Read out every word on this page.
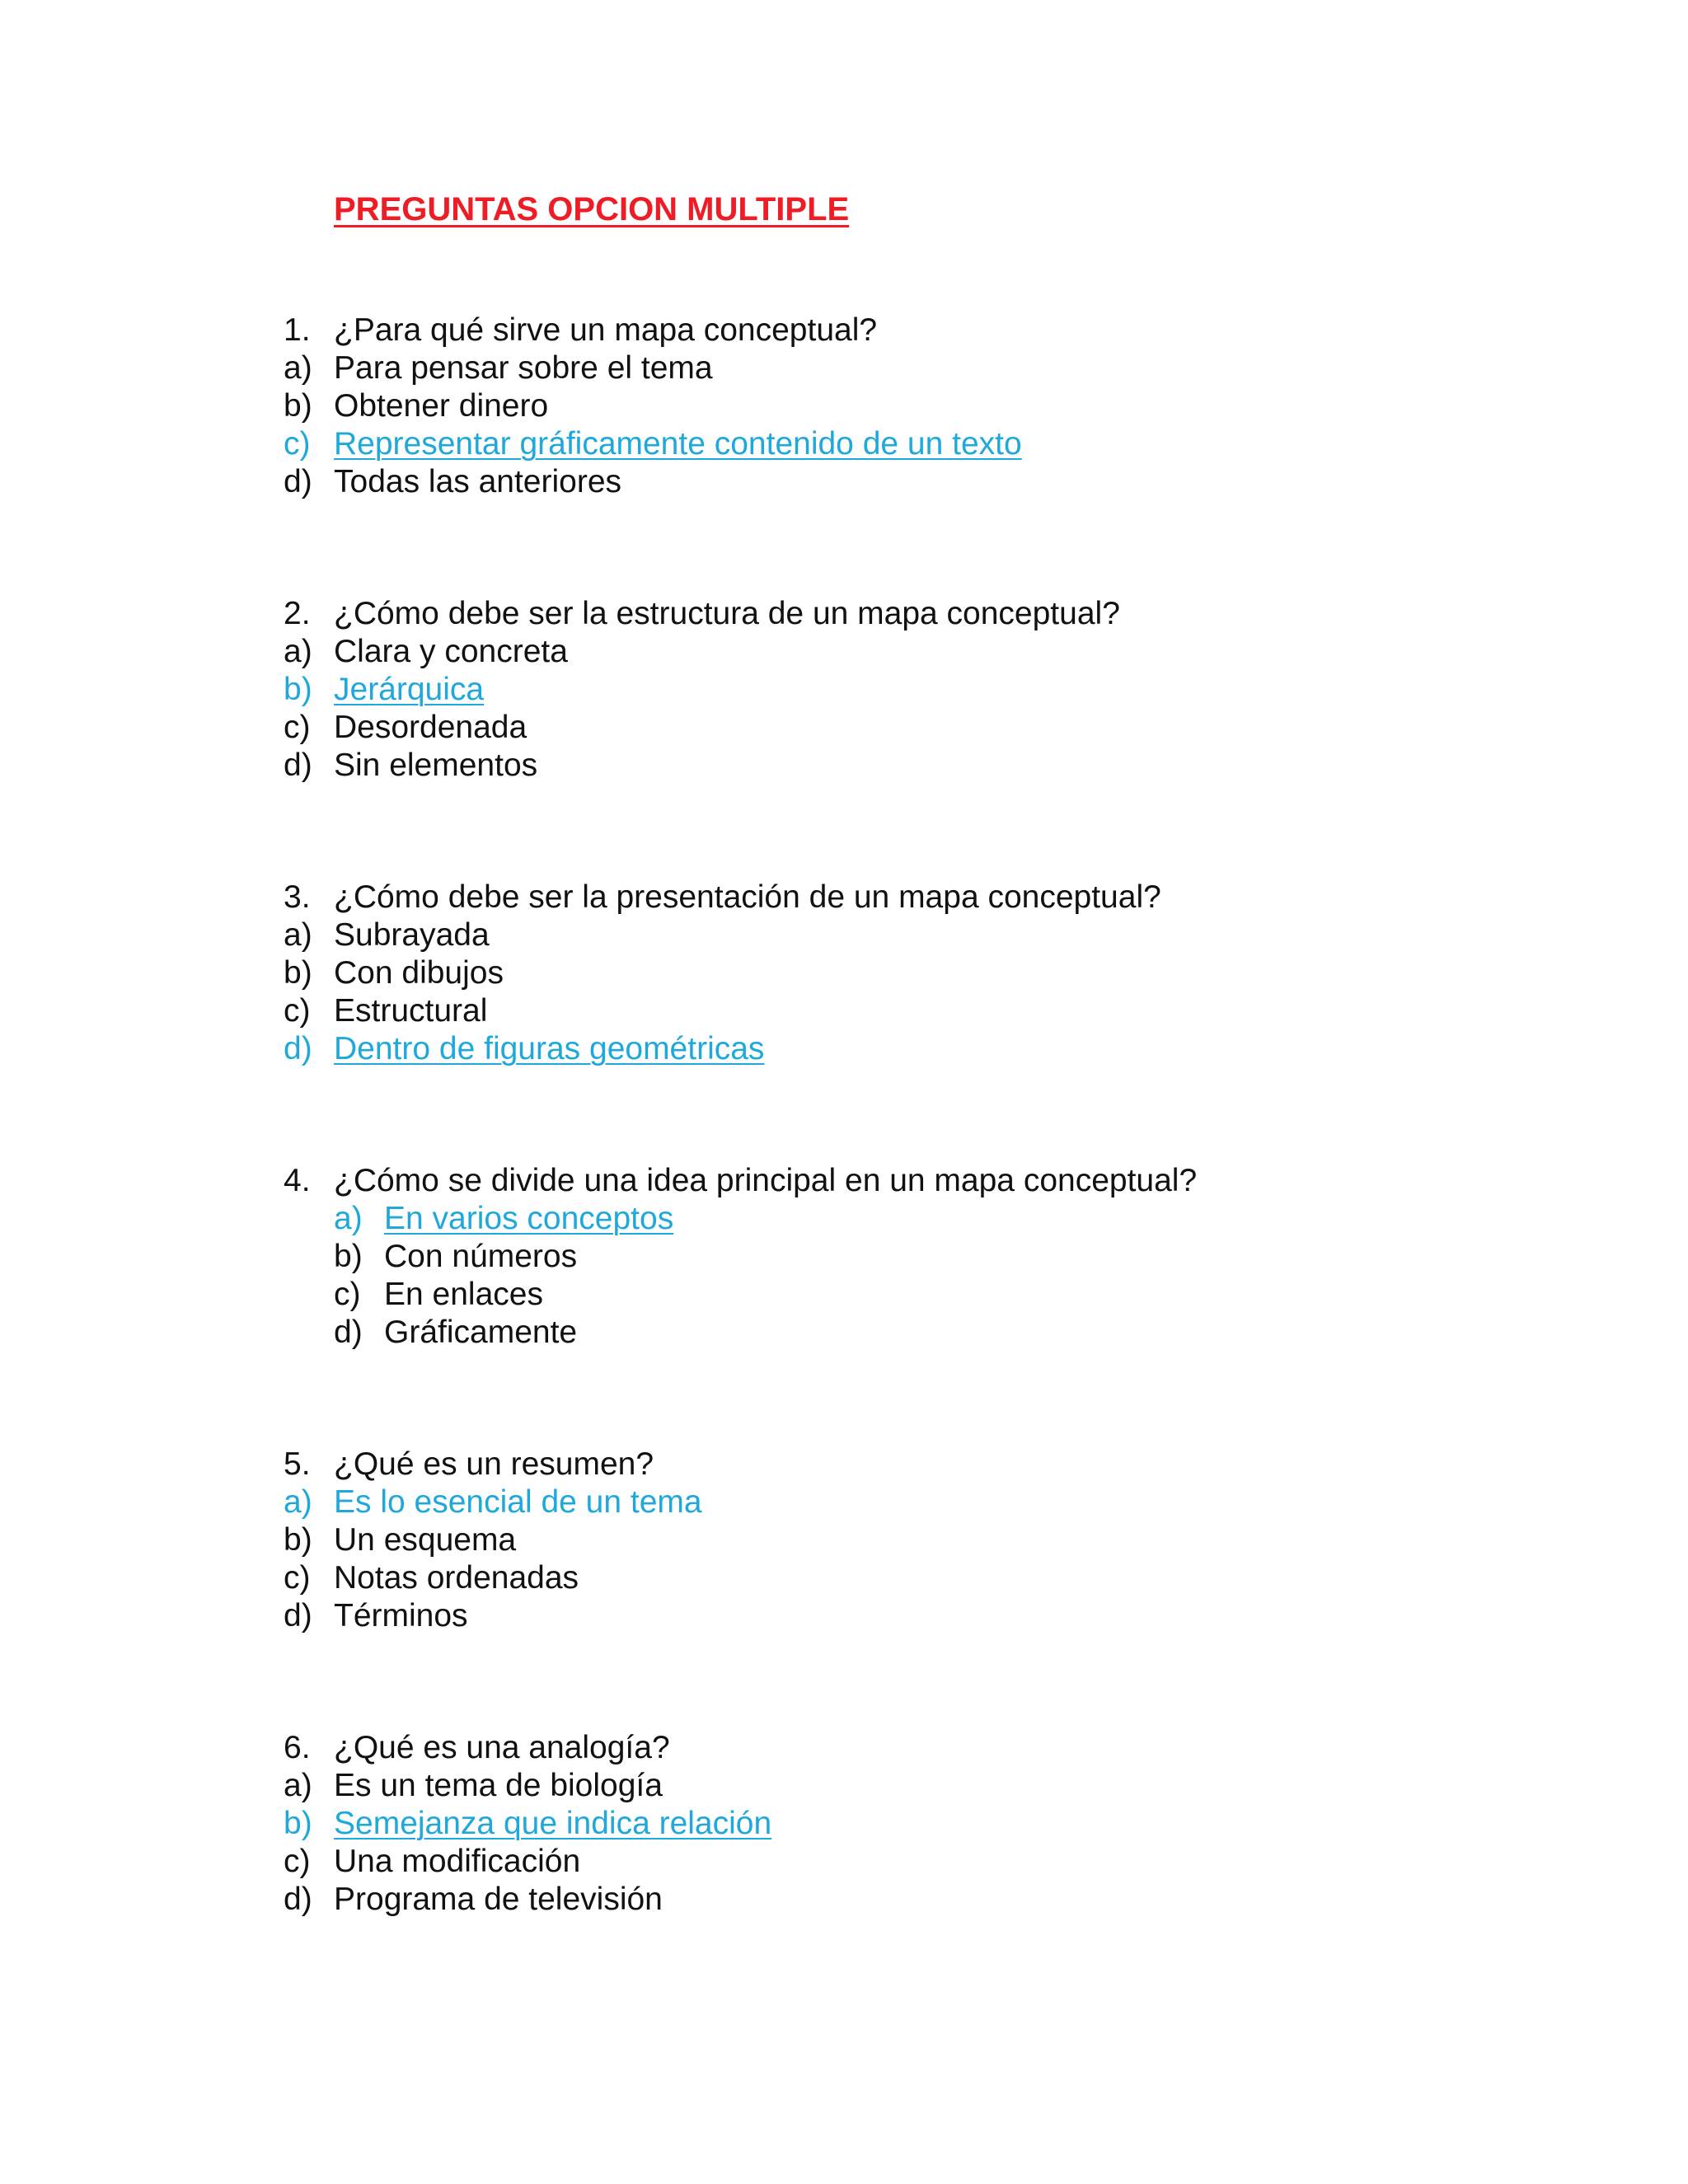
PREGUNTAS OPCION MULTIPLE
1. ¿Para qué sirve un mapa conceptual?
a) Para pensar sobre el tema
b) Obtener dinero
c) Representar gráficamente contenido de un texto
d) Todas las anteriores
2. ¿Cómo debe ser la estructura de un mapa conceptual?
a) Clara y concreta
b) Jerárquica
c) Desordenada
d) Sin elementos
3. ¿Cómo debe ser la presentación de un mapa conceptual?
a) Subrayada
b) Con dibujos
c) Estructural
d) Dentro de figuras geométricas
4. ¿Cómo se divide una idea principal en un mapa conceptual?
a) En varios conceptos
b) Con números
c) En enlaces
d) Gráficamente
5. ¿Qué es un resumen?
a) Es lo esencial de un tema
b) Un esquema
c) Notas ordenadas
d) Términos
6. ¿Qué es una analogía?
a) Es un tema de biología
b) Semejanza que indica relación
c) Una modificación
d) Programa de televisión
